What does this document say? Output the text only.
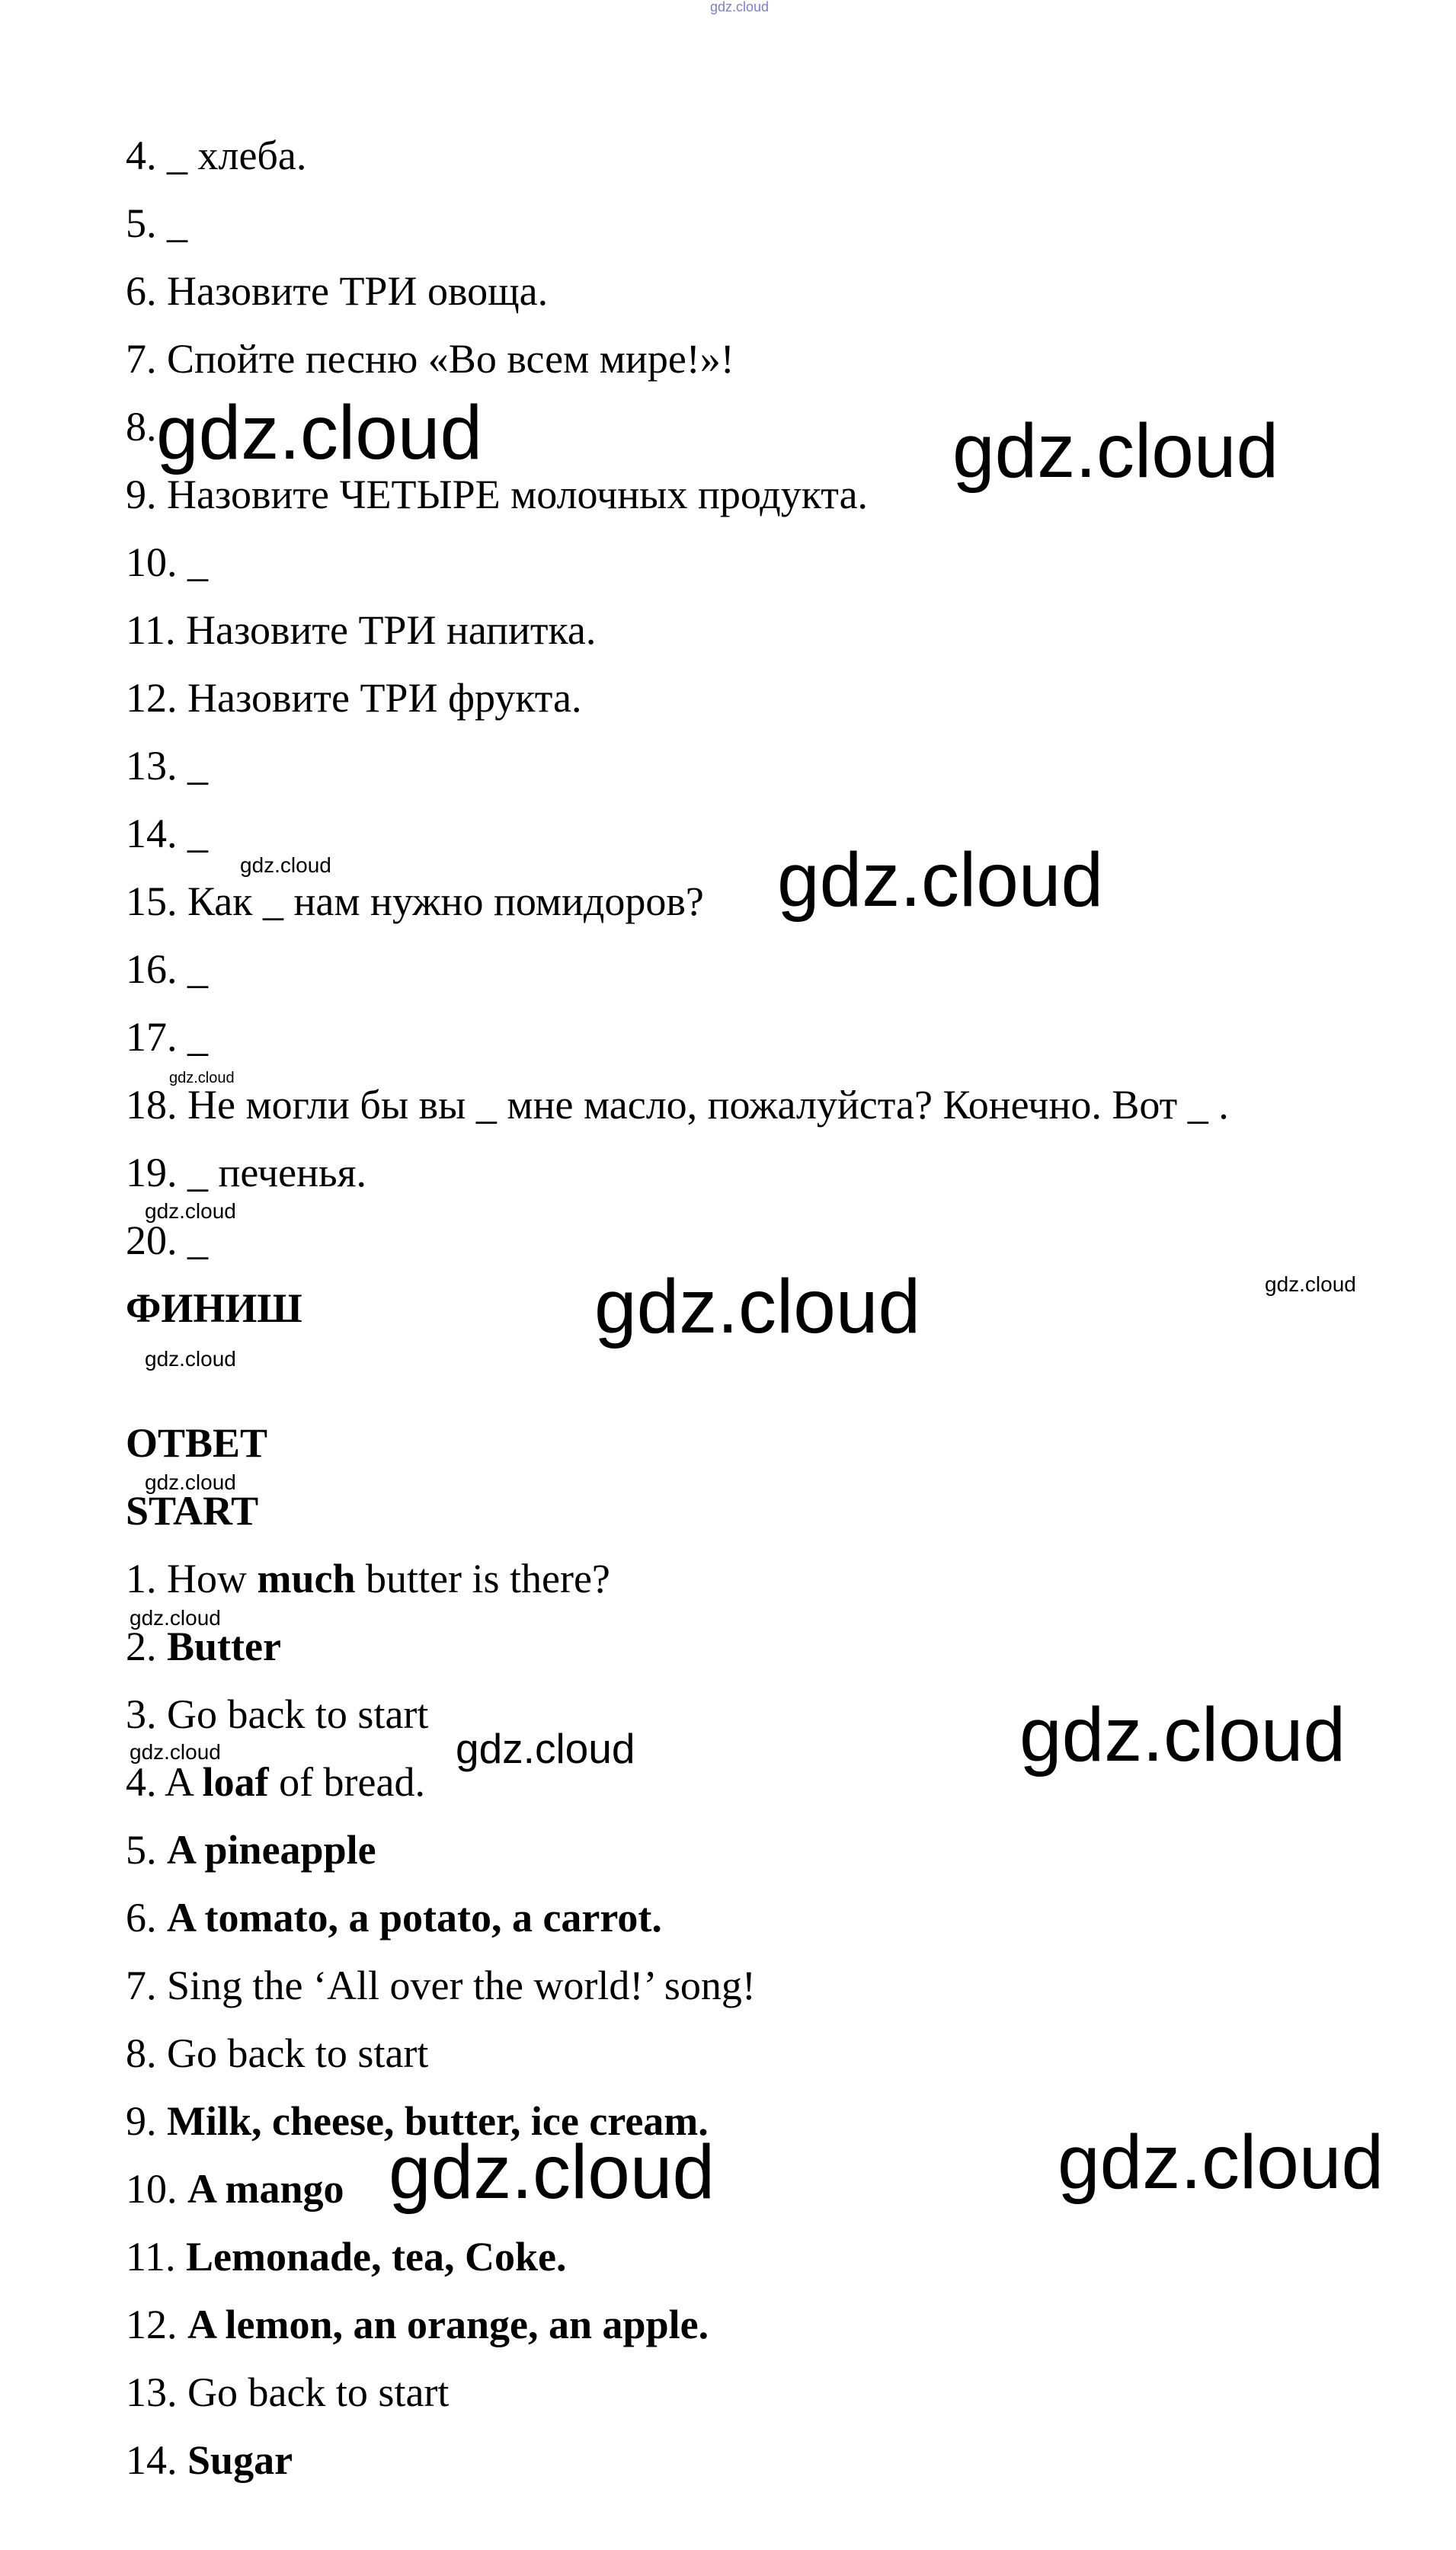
gdz.cloud
4. _ хлеба.
5. _
6. Назовите ТРИ овоща.
7. Спойте песню «Во всем мире!»!
8.
9. Назовите ЧЕТЫРЕ молочных продукта.
10. _
11. Назовите ТРИ напитка.
12. Назовите ТРИ фрукта.
13. _
14. _
15. Как _ нам нужно помидоров?
16. _
17. _
18. Не могли бы вы _ мне масло, пожалуйста? Конечно. Вот _ .
19. _ печенья.
20. _
ФИНИШ
ОТВЕТ
START
1. How much butter is there?
2. Butter
3. Go back to start
4. A loaf of bread.
5. A pineapple
6. A tomato, a potato, a carrot.
7. Sing the ‘All over the world!’ song!
8. Go back to start
9. Milk, cheese, butter, ice cream.
10. A mango
11. Lemonade, tea, Coke.
12. A lemon, an orange, an apple.
13. Go back to start
14. Sugar
gdz.cloud	gdz.cloud
gdz.cloud	gdz.cloud
gdz.cloud
gdz.cloud
gdz.cloud	gdz.cloud
gdz.cloud
gdz.cloud
gdz.cloud
gdz.cloud	gdz.cloud	gdz.cloud
gdz.cloud	gdz.cloud
